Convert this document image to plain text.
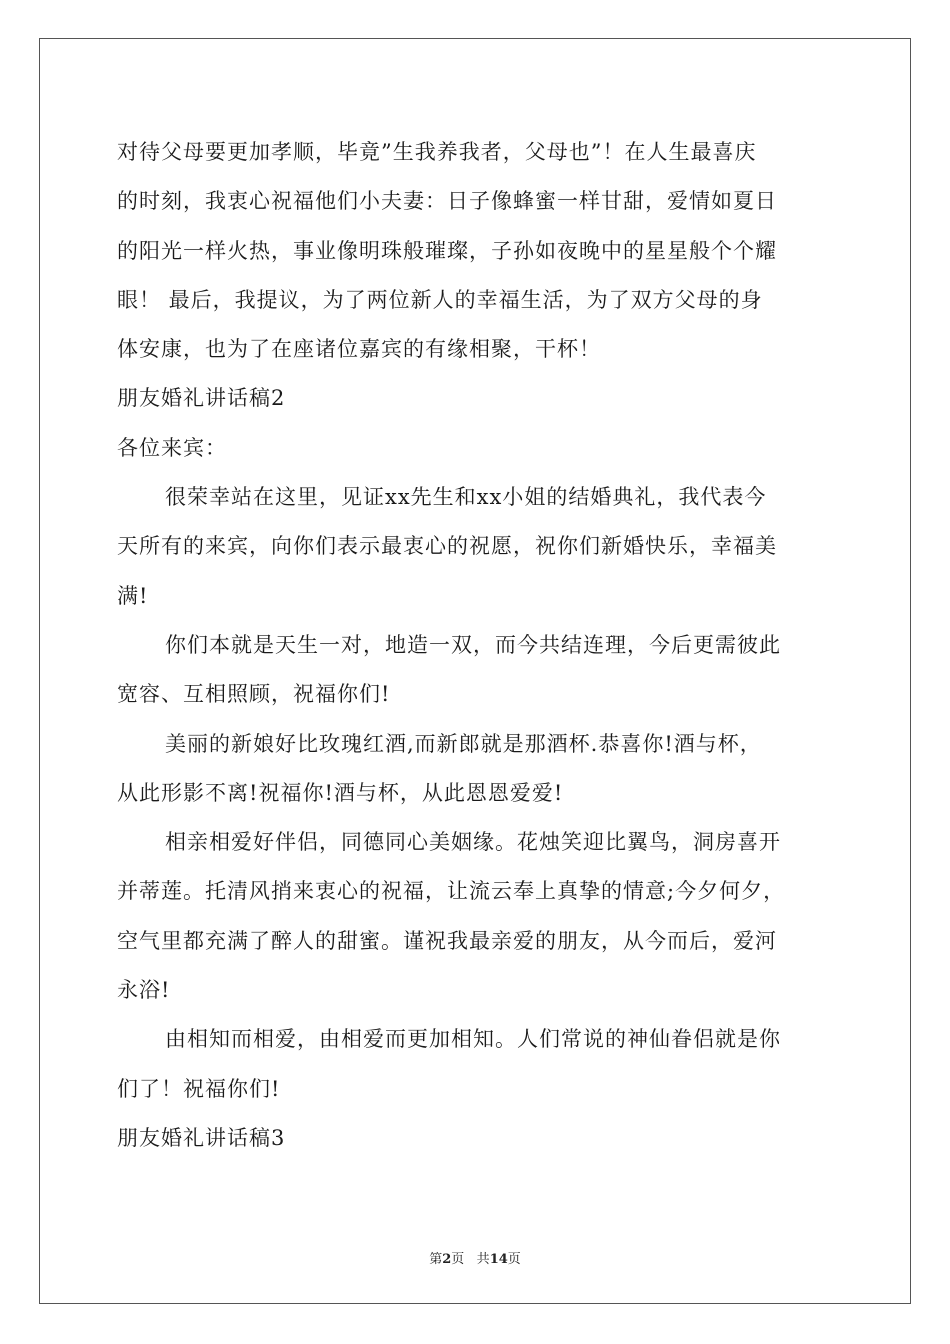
对待父母要更加孝顺，毕竟”生我养我者，父母也”！在人生最喜庆
的时刻，我衷心祝福他们小夫妻：日子像蜂蜜一样甘甜，爱情如夏日
的阳光一样火热，事业像明珠般璀璨，子孙如夜晚中的星星般个个耀
眼！ 最后，我提议，为了两位新人的幸福生活，为了双方父母的身
体安康，也为了在座诸位嘉宾的有缘相聚，干杯！
朋友婚礼讲话稿2
各位来宾：
很荣幸站在这里，见证xx先生和xx小姐的结婚典礼，我代表今
天所有的来宾，向你们表示最衷心的祝愿，祝你们新婚快乐，幸福美
满!
你们本就是天生一对，地造一双，而今共结连理，今后更需彼此
宽容、互相照顾，祝福你们!
美丽的新娘好比玫瑰红酒,而新郎就是那酒杯.恭喜你!酒与杯，
从此形影不离!祝福你!酒与杯，从此恩恩爱爱!
相亲相爱好伴侣，同德同心美姻缘。花烛笑迎比翼鸟，洞房喜开
并蒂莲。托清风捎来衷心的祝福，让流云奉上真挚的情意;今夕何夕，
空气里都充满了醉人的甜蜜。谨祝我最亲爱的朋友，从今而后，爱河
永浴!
由相知而相爱，由相爱而更加相知。人们常说的神仙眷侣就是你
们了！祝福你们!
朋友婚礼讲话稿3
第2页 共14页
